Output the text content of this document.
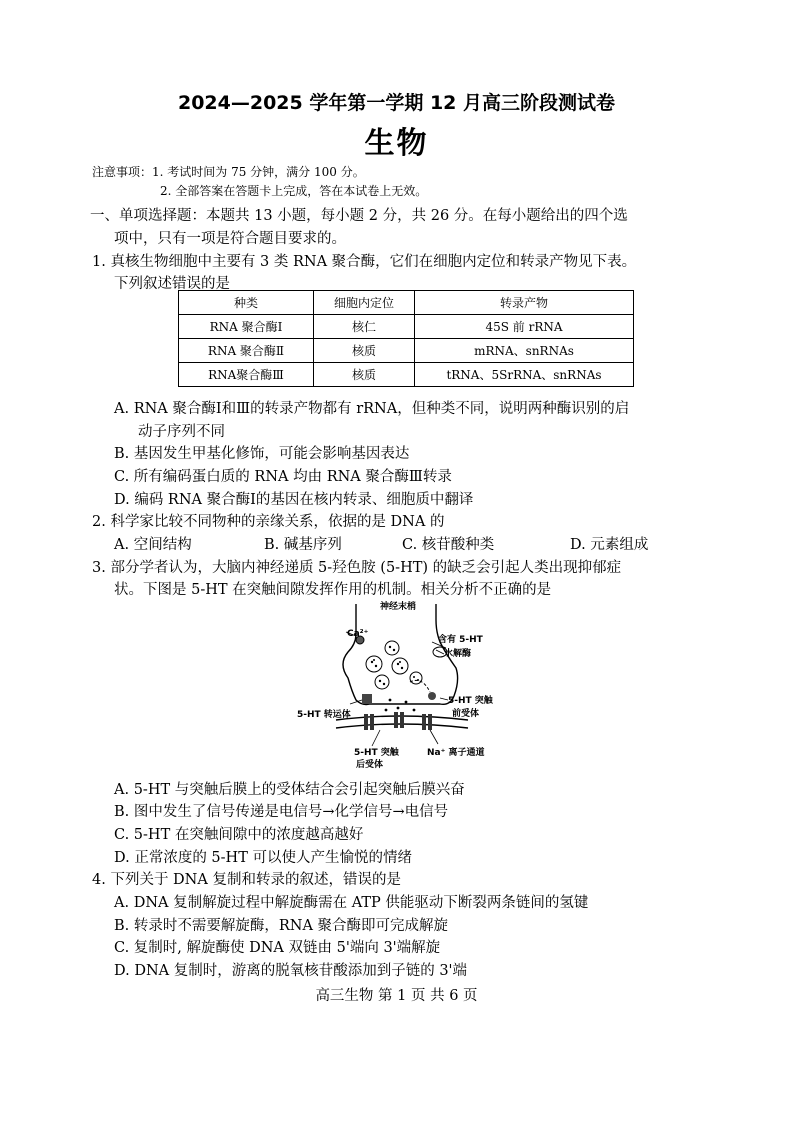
2024—2025 学年第一学期 12 月高三阶段测试卷
生物
注意事项：1. 考试时间为 75 分钟，满分 100 分。
2. 全部答案在答题卡上完成，答在本试卷上无效。
一、单项选择题：本题共 13 小题，每小题 2 分，共 26 分。在每小题给出的四个选
项中，只有一项是符合题目要求的。
1. 真核生物细胞中主要有 3 类 RNA 聚合酶，它们在细胞内定位和转录产物见下表。
下列叙述错误的是
种类	细胞内定位	转录产物
RNA 聚合酶Ⅰ	核仁	45S 前 rRNA
RNA 聚合酶Ⅱ	核质	mRNA、snRNAs
RNA聚合酶Ⅲ	核质	tRNA、5SrRNA、snRNAs
A. RNA 聚合酶Ⅰ和Ⅲ的转录产物都有 rRNA，但种类不同，说明两种酶识别的启
动子序列不同
B. 基因发生甲基化修饰，可能会影响基因表达
C. 所有编码蛋白质的 RNA 均由 RNA 聚合酶Ⅲ转录
D. 编码 RNA 聚合酶Ⅰ的基因在核内转录、细胞质中翻译
2. 科学家比较不同物种的亲缘关系，依据的是 DNA 的
A. 空间结构	B. 碱基序列	C. 核苷酸种类	D. 元素组成
3. 部分学者认为，大脑内神经递质 5-羟色胺 (5-HT) 的缺乏会引起人类出现抑郁症
状。下图是 5-HT 在突触间隙发挥作用的机制。相关分析不正确的是
神经末梢
Ca²⁺
含有 5-HT
水解酶
5-HT 转运体
5-HT 突触
前受体
5-HT 突触
后受体
Na⁺ 离子通道
A. 5-HT 与突触后膜上的受体结合会引起突触后膜兴奋
B. 图中发生了信号传递是电信号→化学信号→电信号
C. 5-HT 在突触间隙中的浓度越高越好
D. 正常浓度的 5-HT 可以使人产生愉悦的情绪
4. 下列关于 DNA 复制和转录的叙述，错误的是
A. DNA 复制解旋过程中解旋酶需在 ATP 供能驱动下断裂两条链间的氢键
B. 转录时不需要解旋酶，RNA 聚合酶即可完成解旋
C. 复制时, 解旋酶使 DNA 双链由 5'端向 3'端解旋
D. DNA 复制时，游离的脱氧核苷酸添加到子链的 3'端
高三生物 第 1 页 共 6 页
